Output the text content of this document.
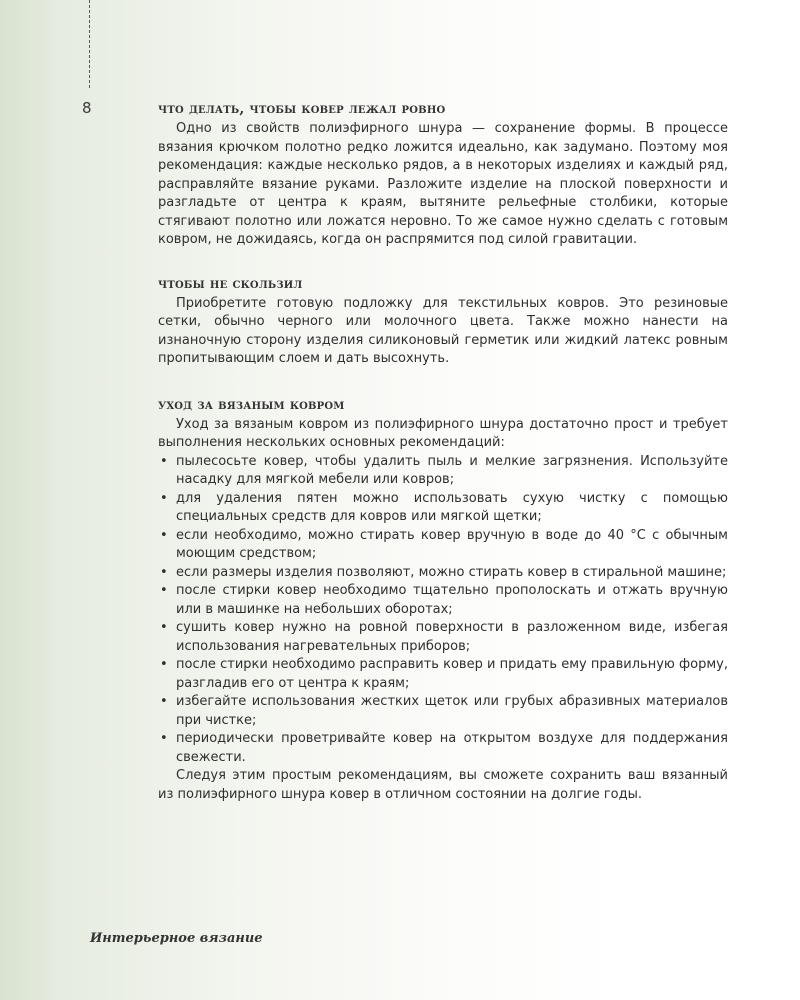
8	что делать, чтобы ковер лежал ровно

Одно из свойств полиэфирного шнура — сохранение формы. В процессе вязания крючком полотно редко ложится идеально, как задумано. Поэтому моя рекомендация: каждые несколько рядов, а в некоторых изделиях и каждый ряд, расправляйте вязание руками. Разложите изделие на плоской поверхности и разгладьте от центра к краям, вытяните рельефные столбики, которые стягивают полотно или ложатся неровно. То же самое нужно сделать с готовым ковром, не дожидаясь, когда он распрямится под силой гравитации.

чтобы не скользил

Приобретите готовую подложку для текстильных ковров. Это резиновые сетки, обычно черного или молочного цвета. Также можно нанести на изнаночную сторону изделия силиконовый герметик или жидкий латекс ровным пропитывающим слоем и дать высохнуть.

уход за вязаным ковром

Уход за вязаным ковром из полиэфирного шнура достаточно прост и требует выполнения нескольких основных рекомендаций:

• пылесосьте ковер, чтобы удалить пыль и мелкие загрязнения. Используйте насадку для мягкой мебели или ковров;
• для удаления пятен можно использовать сухую чистку с помощью специальных средств для ковров или мягкой щетки;
• если необходимо, можно стирать ковер вручную в воде до 40 °С с обычным моющим средством;
• если размеры изделия позволяют, можно стирать ковер в стиральной машине;
• после стирки ковер необходимо тщательно прополоскать и отжать вручную или в машинке на небольших оборотах;
• сушить ковер нужно на ровной поверхности в разложенном виде, избегая использования нагревательных приборов;
• после стирки необходимо расправить ковер и придать ему правильную форму, разгладив его от центра к краям;
• избегайте использования жестких щеток или грубых абразивных материалов при чистке;
• периодически проветривайте ковер на открытом воздухе для поддержания свежести.

Следуя этим простым рекомендациям, вы сможете сохранить ваш вязанный из полиэфирного шнура ковер в отличном состоянии на долгие годы.

Интерьерное вязание
